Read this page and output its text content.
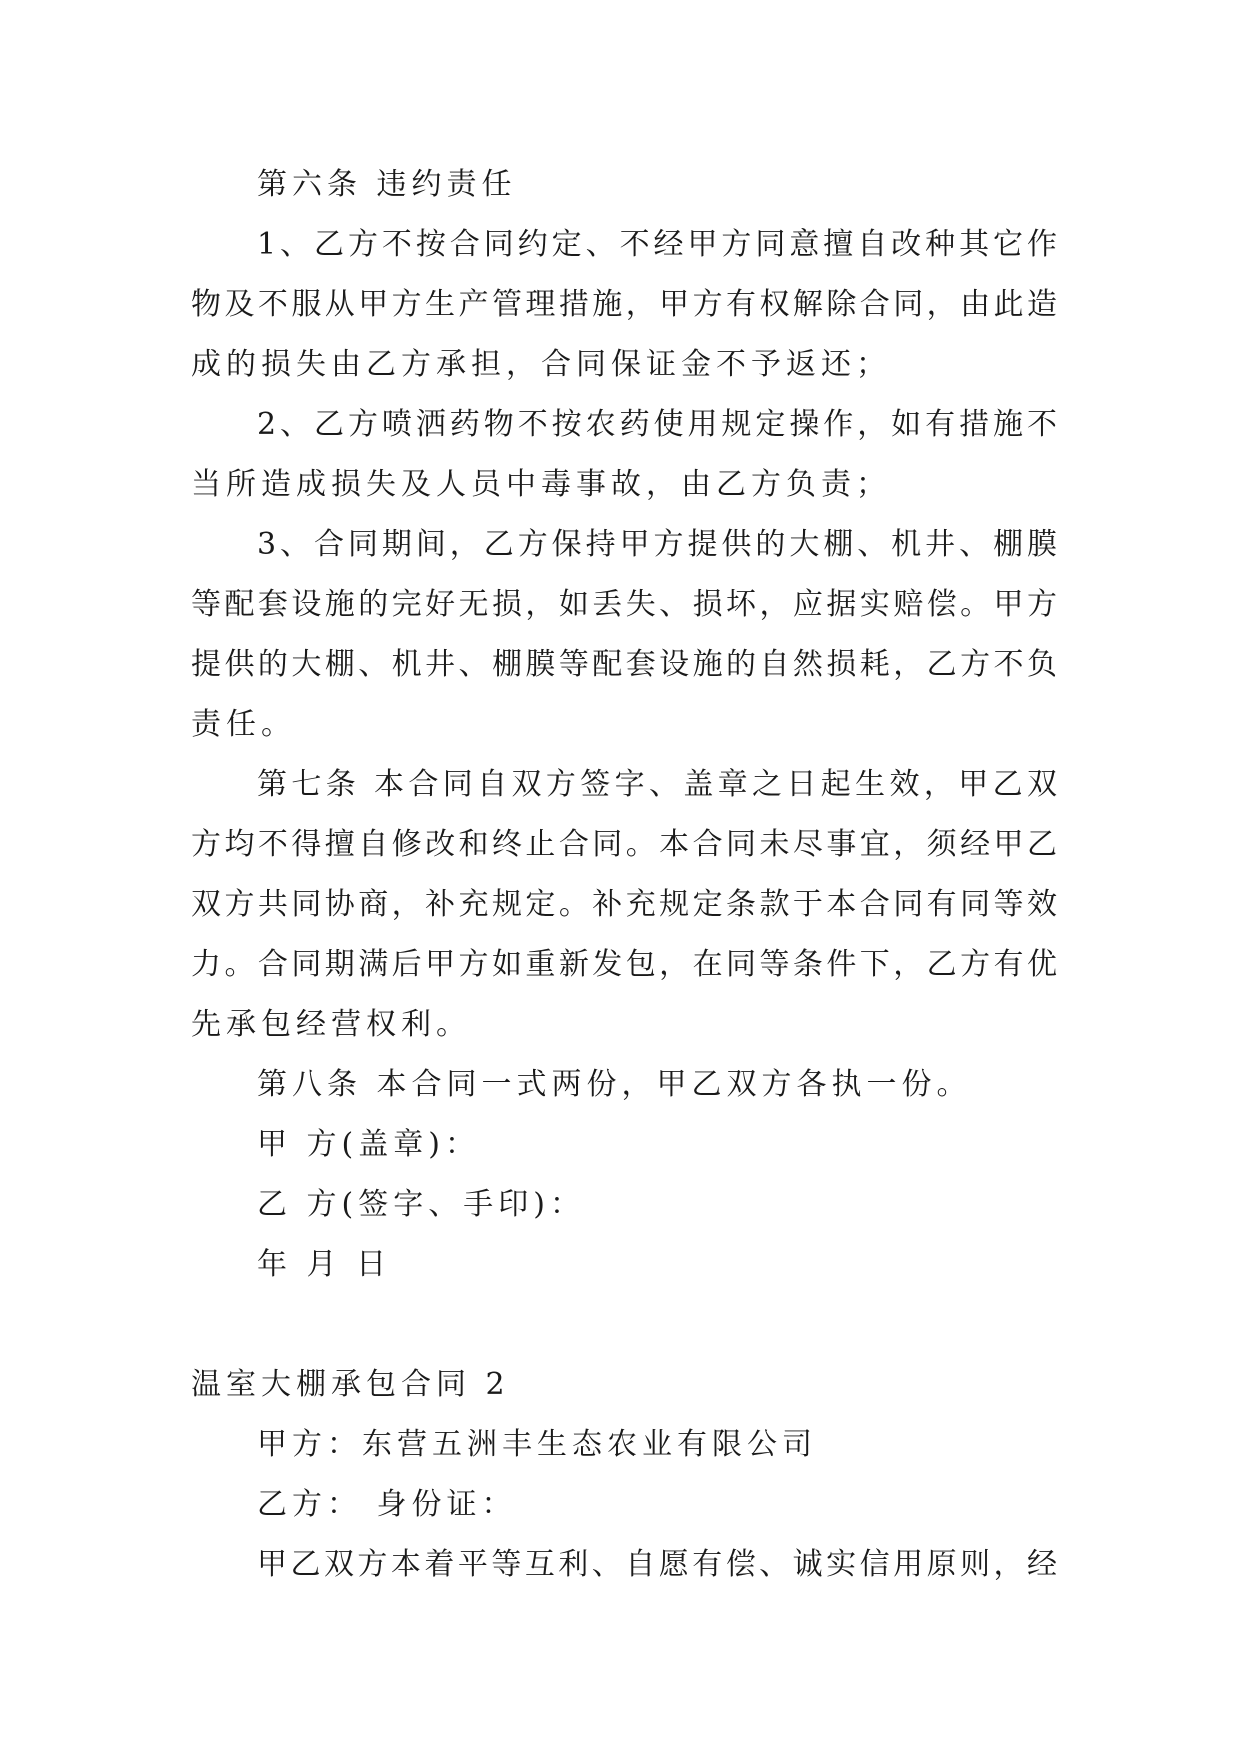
第六条 违约责任

1、乙方不按合同约定、不经甲方同意擅自改种其它作

物及不服从甲方生产管理措施，甲方有权解除合同，由此造

成的损失由乙方承担，合同保证金不予返还；

2、乙方喷洒药物不按农药使用规定操作，如有措施不

当所造成损失及人员中毒事故，由乙方负责；

3、合同期间，乙方保持甲方提供的大棚、机井、棚膜

等配套设施的完好无损，如丢失、损坏，应据实赔偿。甲方

提供的大棚、机井、棚膜等配套设施的自然损耗，乙方不负

责任。

第七条 本合同自双方签字、盖章之日起生效，甲乙双

方均不得擅自修改和终止合同。本合同未尽事宜，须经甲乙

双方共同协商，补充规定。补充规定条款于本合同有同等效

力。合同期满后甲方如重新发包，在同等条件下，乙方有优

先承包经营权利。

第八条 本合同一式两份，甲乙双方各执一份。

甲 方(盖章)：

乙 方(签字、手印)：

年 月 日

温室大棚承包合同 2

甲方：东营五洲丰生态农业有限公司

乙方： 身份证：

甲乙双方本着平等互利、自愿有偿、诚实信用原则，经
